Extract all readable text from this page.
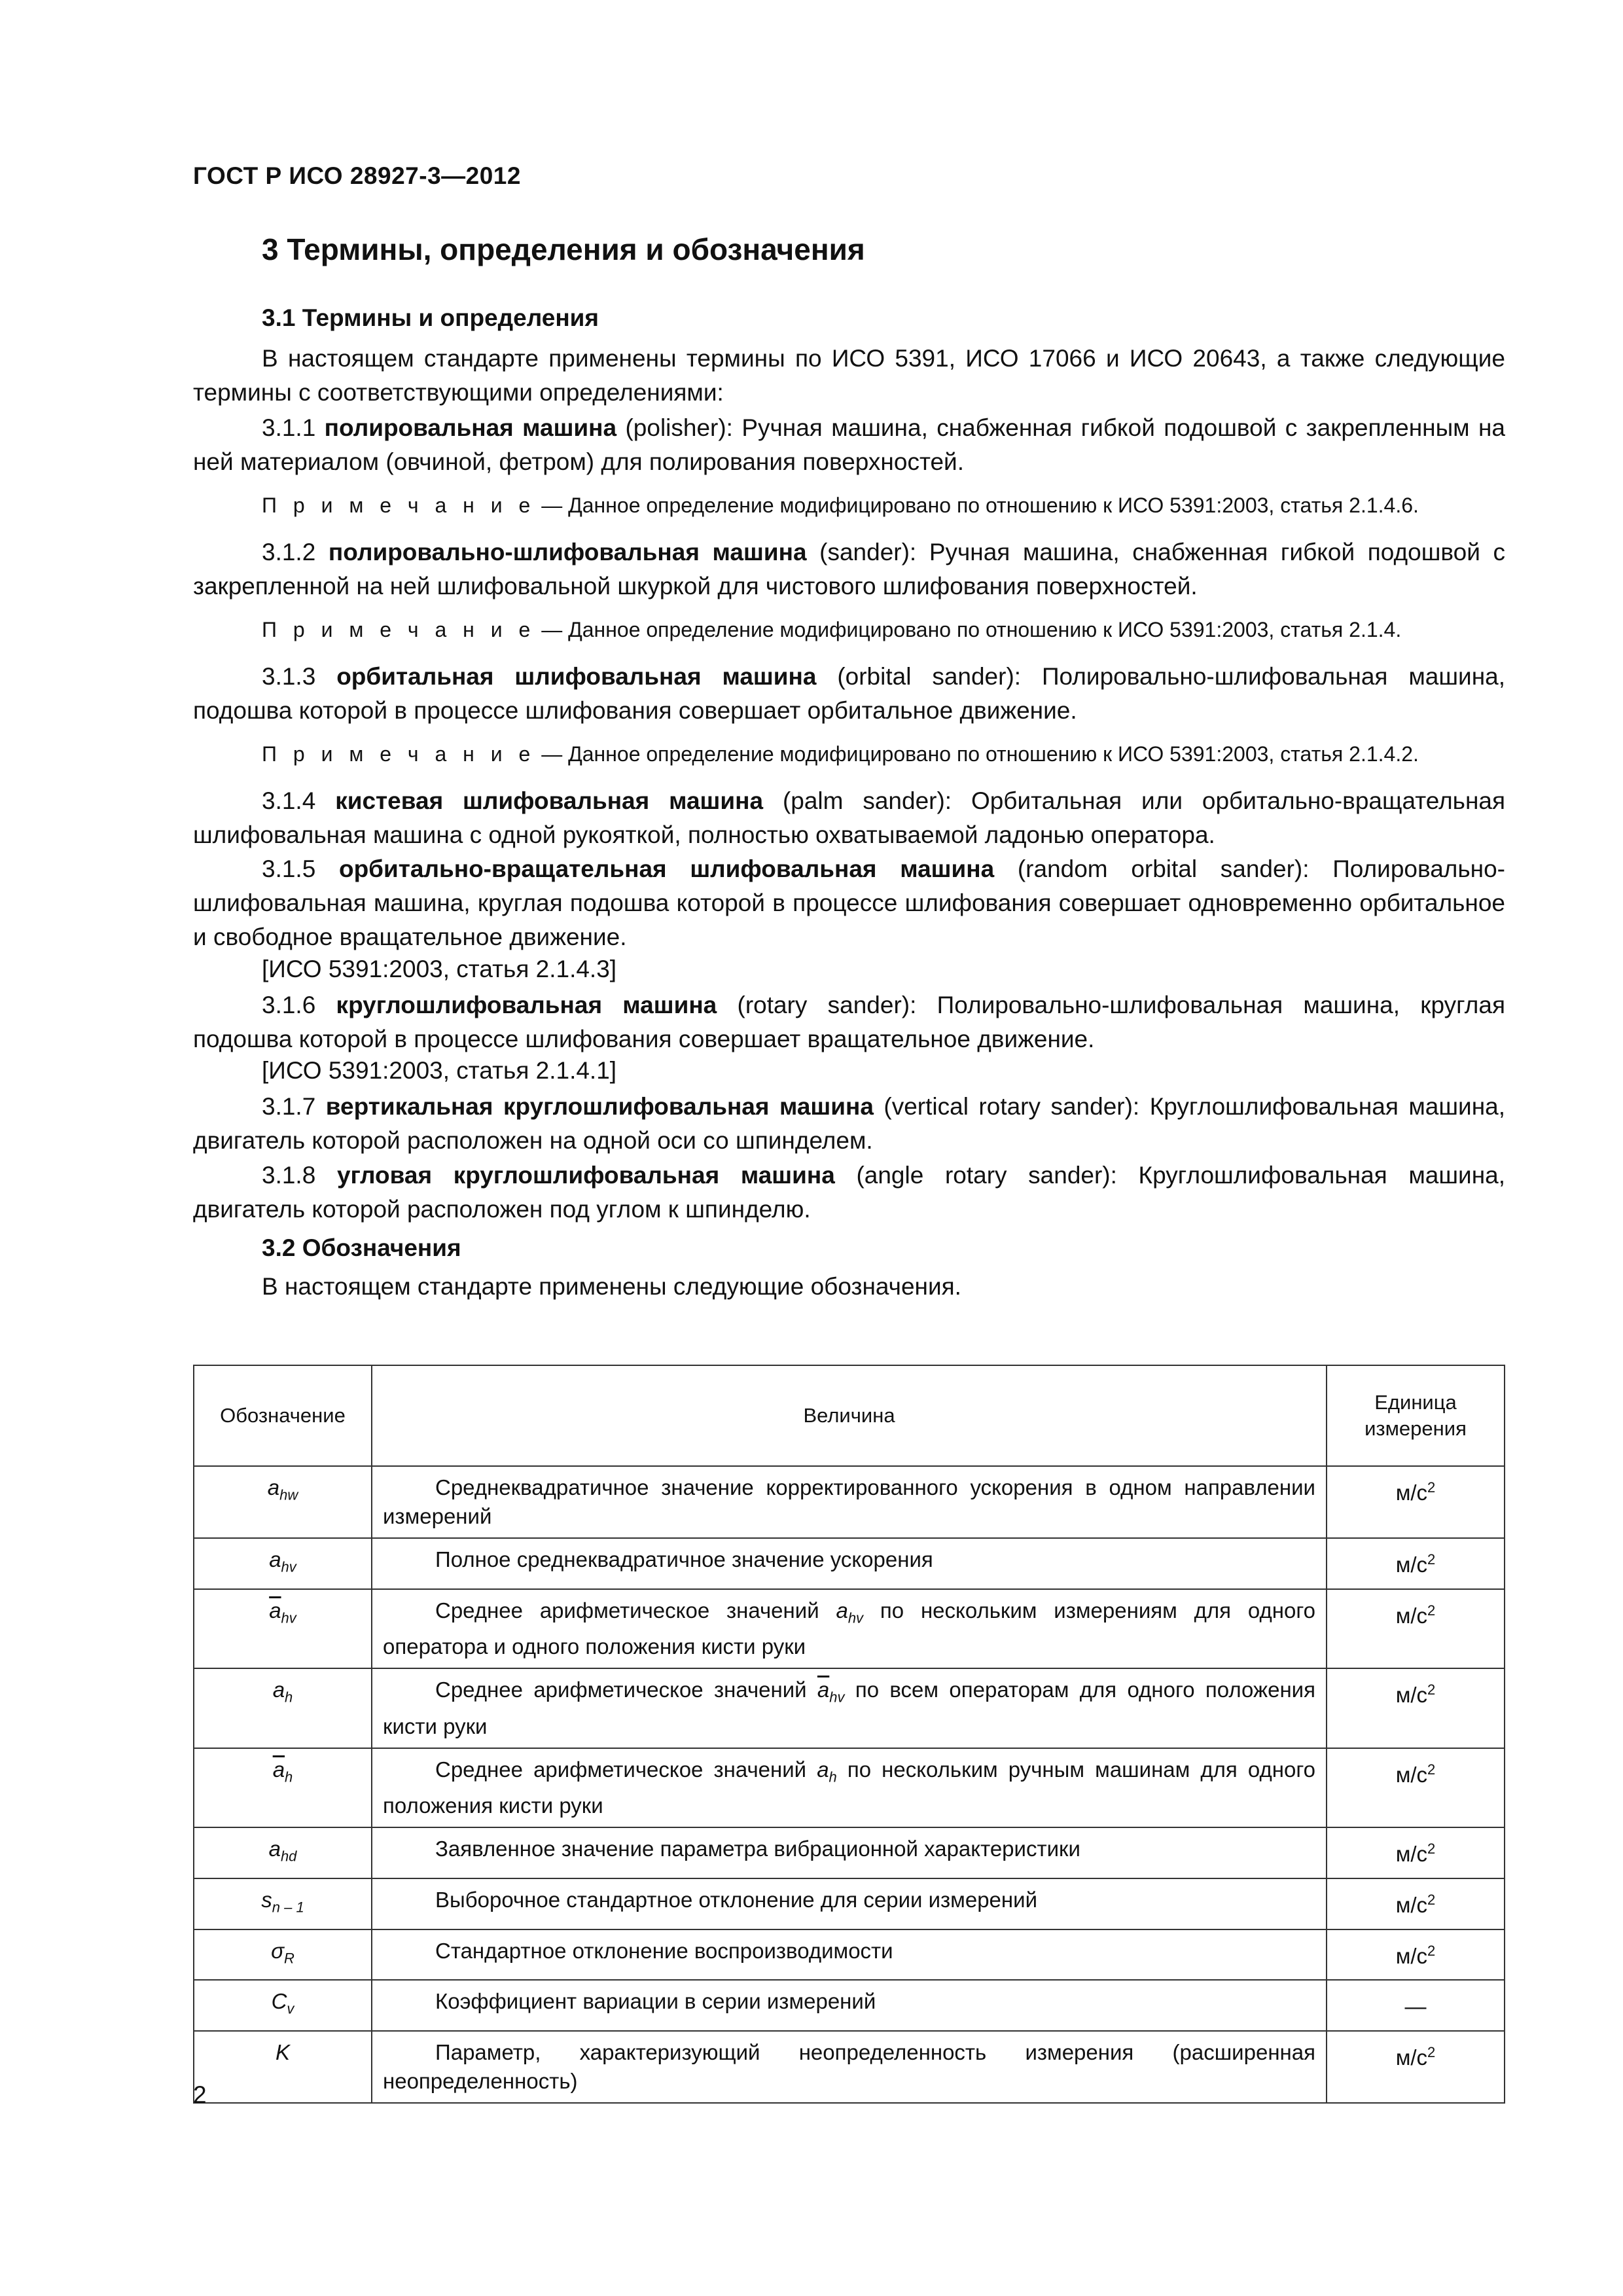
ГОСТ Р ИСО 28927-3—2012
3 Термины, определения и обозначения
3.1 Термины и определения
В настоящем стандарте применены термины по ИСО 5391, ИСО 17066 и ИСО 20643, а также следующие термины с соответствующими определениями:
3.1.1 полировальная машина (polisher): Ручная машина, снабженная гибкой подошвой с закрепленным на ней материалом (овчиной, фетром) для полирования поверхностей.
П р и м е ч а н и е — Данное определение модифицировано по отношению к ИСО 5391:2003, статья 2.1.4.6.
3.1.2 полировально-шлифовальная машина (sander): Ручная машина, снабженная гибкой подошвой с закрепленной на ней шлифовальной шкуркой для чистового шлифования поверхностей.
П р и м е ч а н и е — Данное определение модифицировано по отношению к ИСО 5391:2003, статья 2.1.4.
3.1.3 орбитальная шлифовальная машина (orbital sander): Полировально-шлифовальная машина, подошва которой в процессе шлифования совершает орбитальное движение.
П р и м е ч а н и е — Данное определение модифицировано по отношению к ИСО 5391:2003, статья 2.1.4.2.
3.1.4 кистевая шлифовальная машина (palm sander): Орбитальная или орбитально-вращательная шлифовальная машина с одной рукояткой, полностью охватываемой ладонью оператора.
3.1.5 орбитально-вращательная шлифовальная машина (random orbital sander): Полировально-шлифовальная машина, круглая подошва которой в процессе шлифования совершает одновременно орбитальное и свободное вращательное движение.
[ИСО 5391:2003, статья 2.1.4.3]
3.1.6 круглошлифовальная машина (rotary sander): Полировально-шлифовальная машина, круглая подошва которой в процессе шлифования совершает вращательное движение.
[ИСО 5391:2003, статья 2.1.4.1]
3.1.7 вертикальная круглошлифовальная машина (vertical rotary sander): Круглошлифовальная машина, двигатель которой расположен на одной оси со шпинделем.
3.1.8 угловая круглошлифовальная машина (angle rotary sander): Круглошлифовальная машина, двигатель которой расположен под углом к шпинделю.
3.2 Обозначения
В настоящем стандарте применены следующие обозначения.
Обозначение	Величина	Единица измерения
$a_{hw}$	Среднеквадратичное значение корректированного ускорения в одном направлении измерений	$м/с^2$
$a_{hv}$	Полное среднеквадратичное значение ускорения	$м/с^2$
$\overline{a}_{hv}$	Среднее арифметическое значений $a_{hv}$ по нескольким измерениям для одного оператора и одного положения кисти руки	$м/с^2$
$a_h$	Среднее арифметическое значений $\overline{a}_{hv}$ по всем операторам для одного положения кисти руки	$м/с^2$
$\overline{a}_h$	Среднее арифметическое значений $a_h$ по нескольким ручным машинам для одного положения кисти руки	$м/с^2$
$a_{hd}$	Заявленное значение параметра вибрационной характеристики	$м/с^2$
$s_{n - 1}$	Выборочное стандартное отклонение для серии измерений	$м/с^2$
$\sigma_R$	Стандартное отклонение воспроизводимости	$м/с^2$
$C_v$	Коэффициент вариации в серии измерений	—
K	Параметр, характеризующий неопределенность измерения (расширенная неопределенность)	$м/с^2$
2
